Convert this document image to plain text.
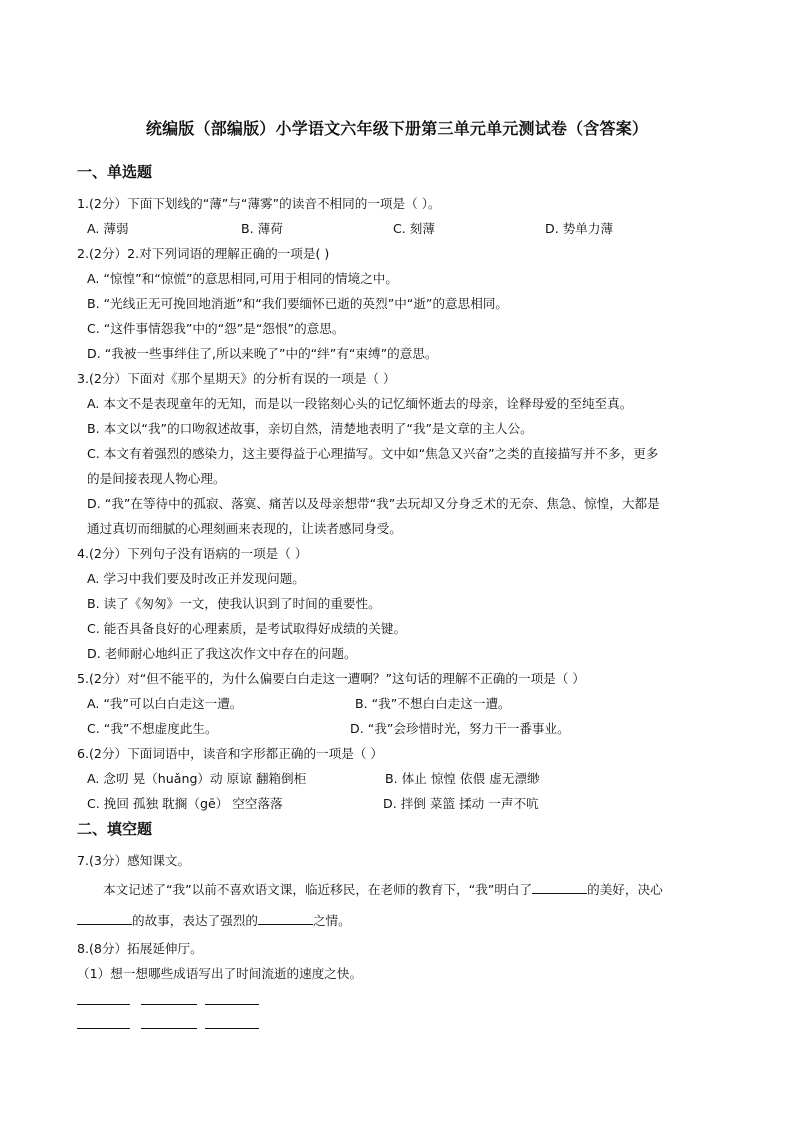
统编版（部编版）小学语文六年级下册第三单元单元测试卷（含答案）
一、单选题
1.(2分）下面下划线的“薄”与“薄雾”的读音不相同的一项是（ ）。
A. 薄弱	B. 薄荷	C. 刻薄	D. 势单力薄
2.(2分）2.对下列词语的理解正确的一项是( )
A. “惊惶”和“惊慌”的意思相同,可用于相同的情境之中。
B. “光线正无可挽回地消逝”和“我们要缅怀已逝的英烈”中“逝”的意思相同。
C. “这件事情怨我”中的“怨”是“怨恨”的意思。
D. “我被一些事绊住了,所以来晚了”中的“绊”有“束缚”的意思。
3.(2分）下面对《那个星期天》的分析有误的一项是（ ）
A. 本文不是表现童年的无知，而是以一段铭刻心头的记忆缅怀逝去的母亲，诠释母爱的至纯至真。
B. 本文以“我”的口吻叙述故事，亲切自然，清楚地表明了“我”是文章的主人公。
C. 本文有着强烈的感染力，这主要得益于心理描写。文中如“焦急又兴奋”之类的直接描写并不多，更多
的是间接表现人物心理。
D. “我”在等待中的孤寂、落寞、痛苦以及母亲想带“我”去玩却又分身乏术的无奈、焦急、惊惶，大都是
通过真切而细腻的心理刻画来表现的，让读者感同身受。
4.(2分）下列句子没有语病的一项是（ ）
A. 学习中我们要及时改正并发现问题。
B. 读了《匆匆》一文，使我认识到了时间的重要性。
C. 能否具备良好的心理素质，是考试取得好成绩的关键。
D. 老师耐心地纠正了我这次作文中存在的问题。
5.(2分）对“但不能平的，为什么偏要白白走这一遭啊？”这句话的理解不正确的一项是（ ）
A. “我”可以白白走这一遭。	B. “我”不想白白走这一遭。
C. “我”不想虚度此生。	D. “我”会珍惜时光，努力干一番事业。
6.(2分）下面词语中，读音和字形都正确的一项是（ ）
A. 念叨 晃（huǎng）动 原谅 翻箱倒柜	B. 体止 惊惶 依偎 虚无漂缈
C. 挽回 孤独 耽搁（gē） 空空落落	D. 拌倒 菜篮 揉动 一声不吭
二、填空题
7.(3分）感知课文。
本文记述了“我”以前不喜欢语文课，临近移民，在老师的教育下，“我”明白了	的美好，决心
的故事，表达了强烈的	之情。
8.(8分）拓展延伸厅。
（1）想一想哪些成语写出了时间流逝的速度之快。
